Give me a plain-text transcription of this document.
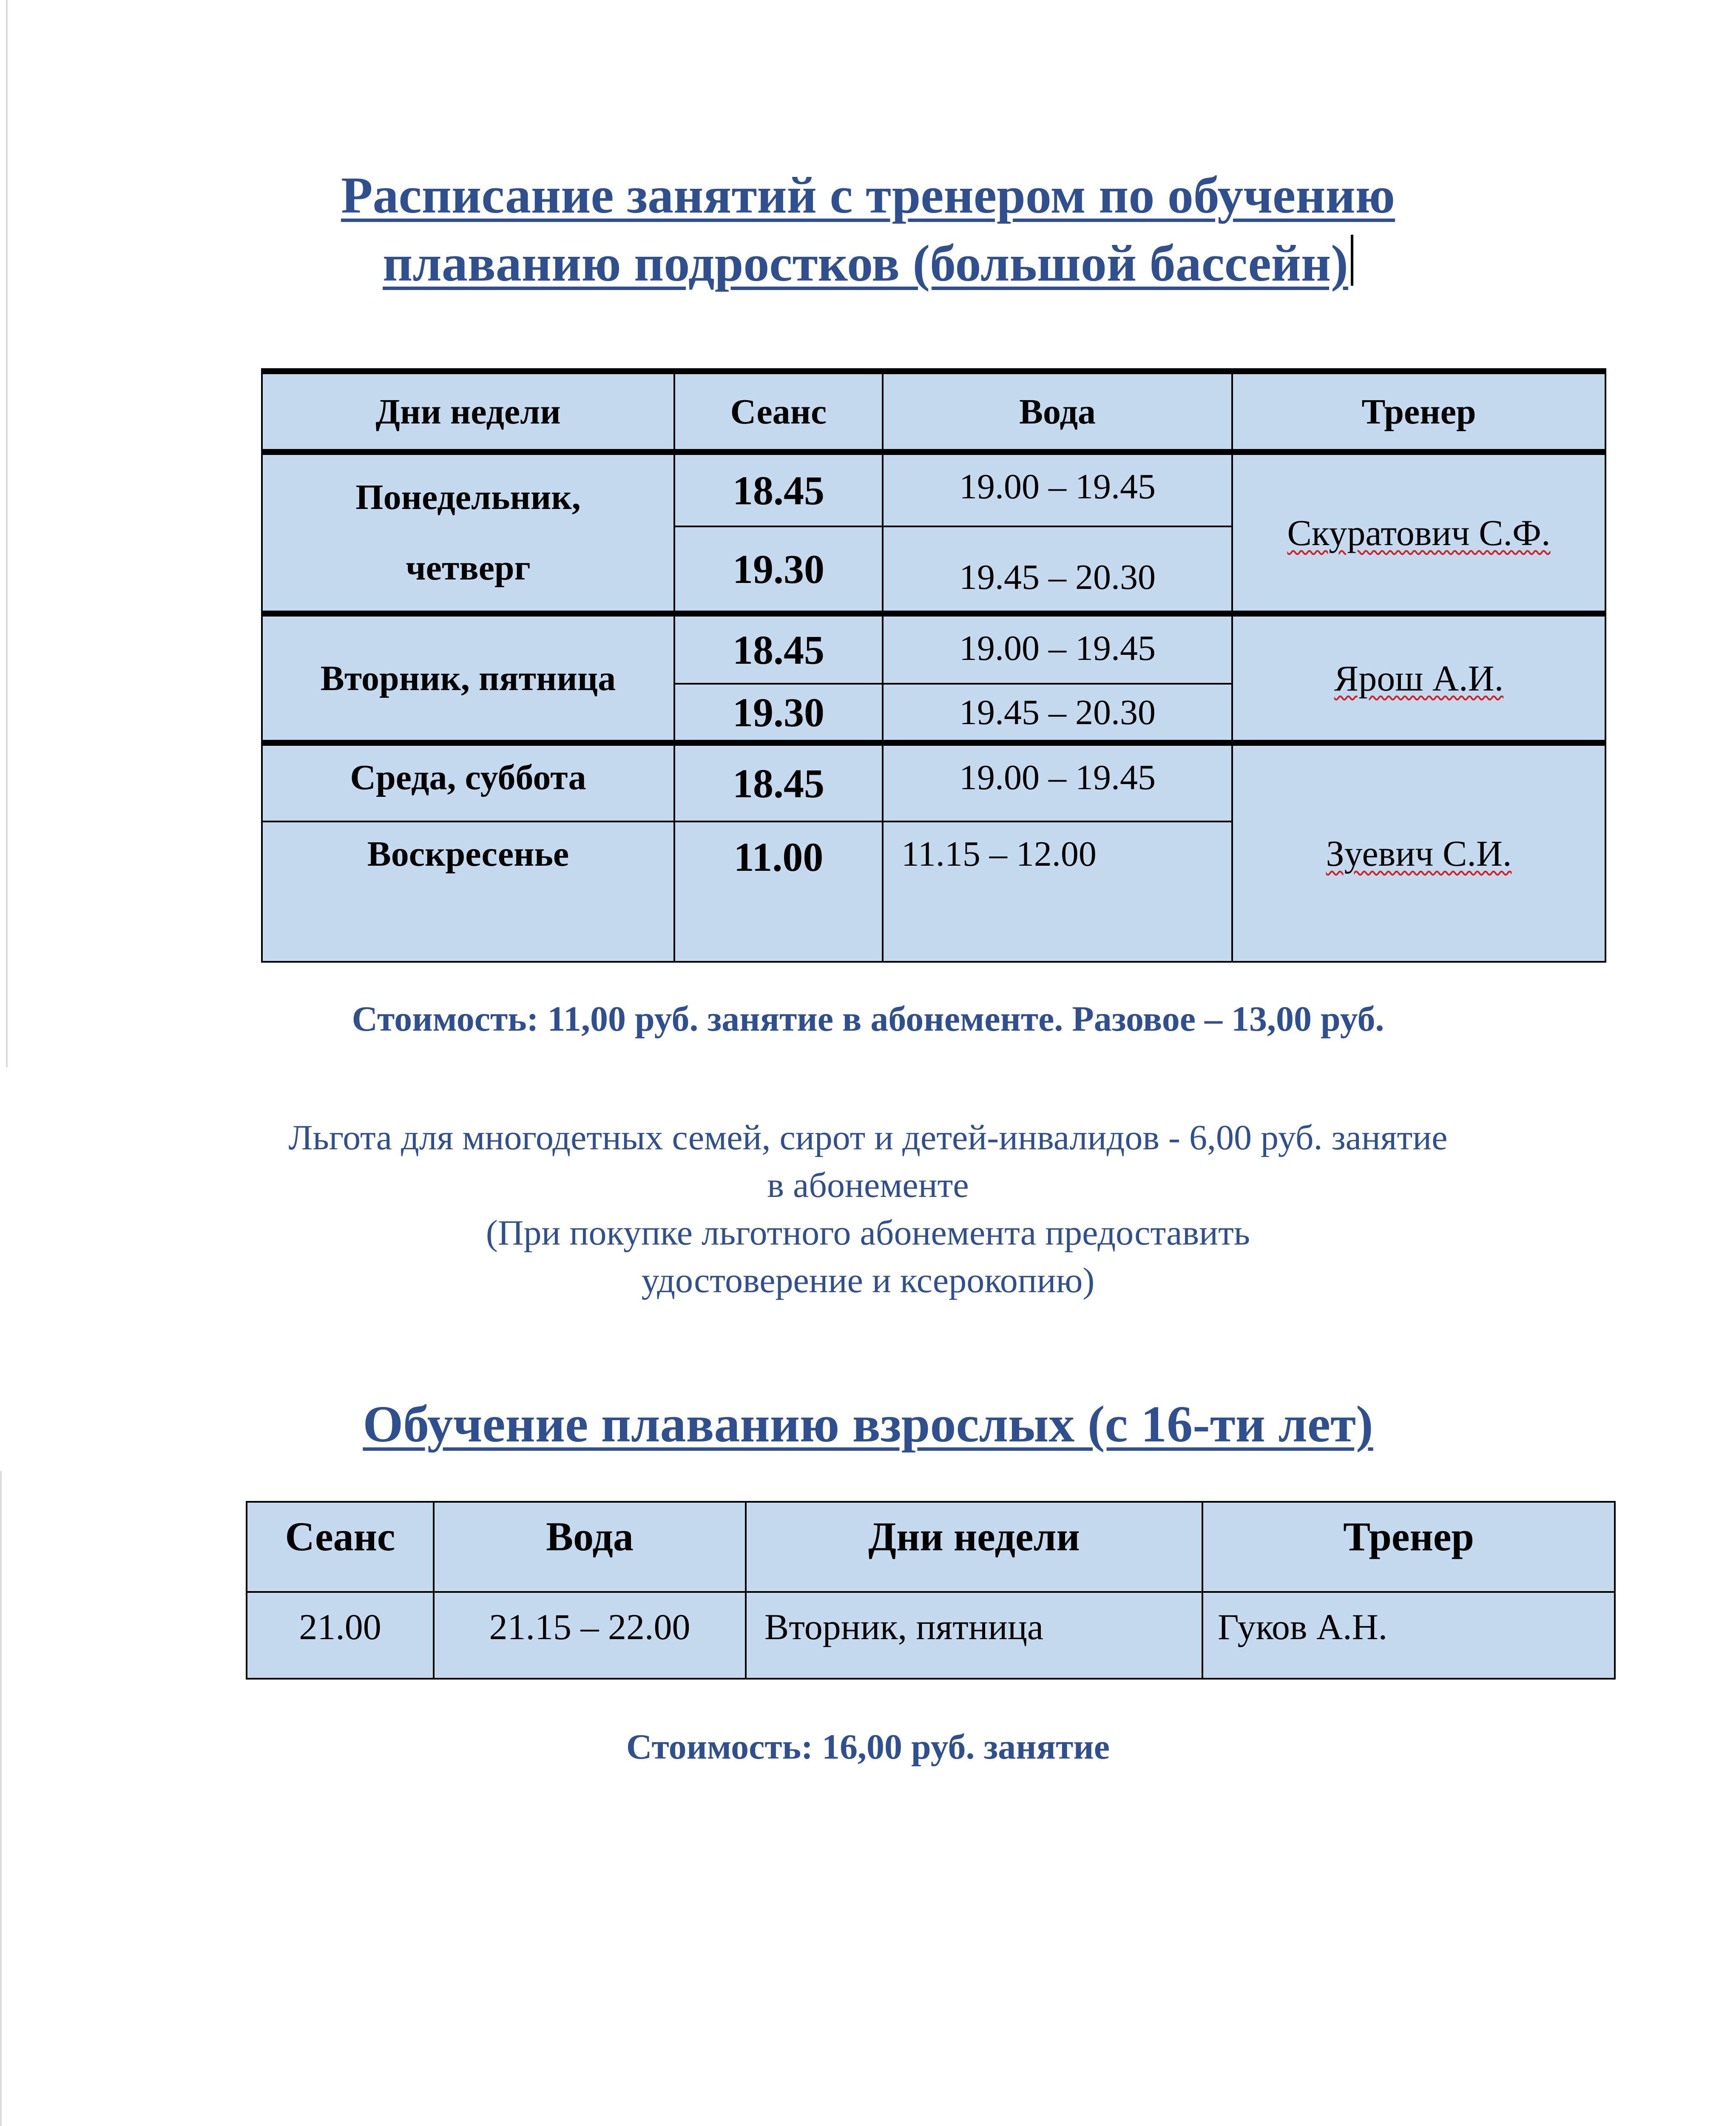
Расписание занятий с тренером по обучению
плаванию подростков (большой бассейн)
Дни недели	Сеанс	Вода	Тренер

Понедельник,
четверг	18.45	19.00 – 19.45	Скуратович С.Ф.
	19.30	19.45 – 20.30	
Вторник, пятница	18.45	19.00 – 19.45	Ярош А.И.
	19.30	19.45 – 20.30	
Среда, суббота	18.45	19.00 – 19.45	Зуевич С.И.
Воскресенье	11.00	11.15 – 12.00	
Стоимость: 11,00 руб. занятие в абонементе. Разовое – 13,00 руб.
Льгота для многодетных семей, сирот и детей-инвалидов - 6,00 руб. занятие
в абонементе
(При покупке льготного абонемента предоставить
удостоверение и ксерокопию)
Обучение плаванию взрослых (с 16-ти лет)
Сеанс	Вода	Дни недели	Тренер
21.00	21.15 – 22.00	Вторник, пятница	Гуков А.Н.
Стоимость: 16,00 руб. занятие
